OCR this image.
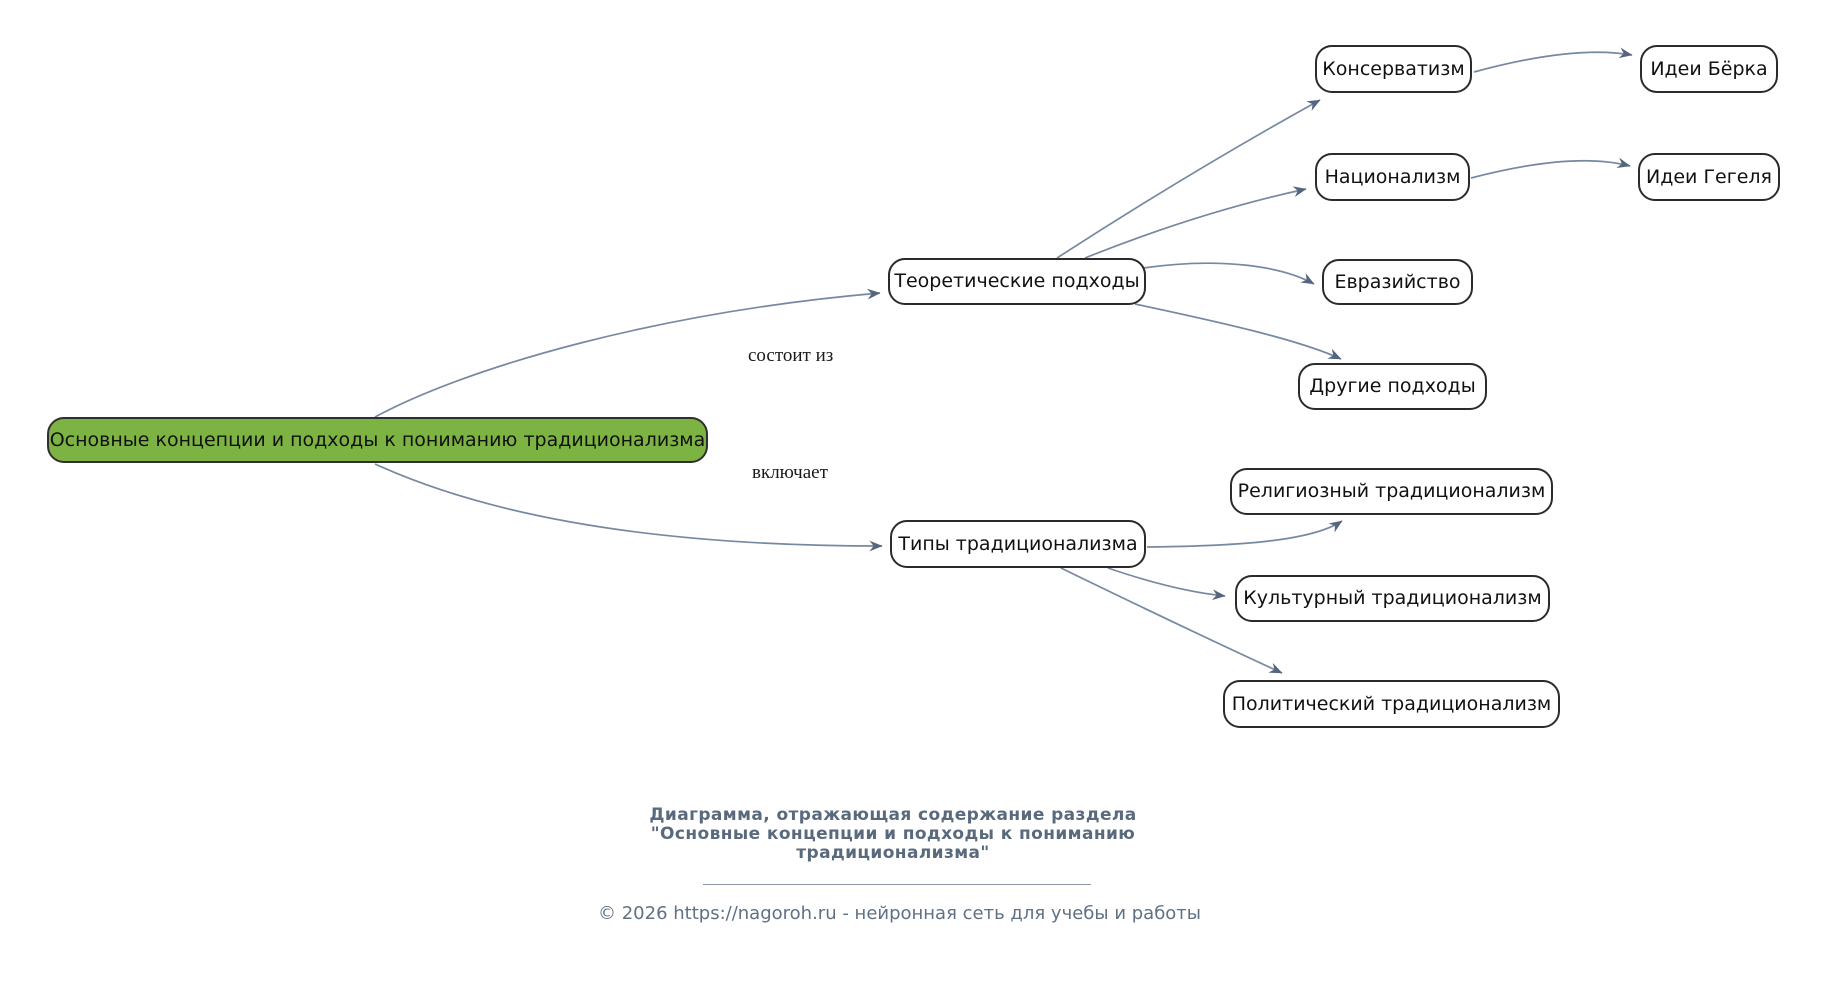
Основные концепции и подходы к пониманию традиционализма
Теоретические подходы
Типы традиционализма
Консерватизм	Идеи Бёрка
Национализм	Идеи Гегеля
Евразийство
Другие подходы
Религиозный традиционализм
Культурный традиционализм
Политический традиционализм
состоит из
включает
Диаграмма, отражающая содержание раздела
"Основные концепции и подходы к пониманию
традиционализма"
© 2026 https://nagoroh.ru - нейронная сеть для учебы и работы
